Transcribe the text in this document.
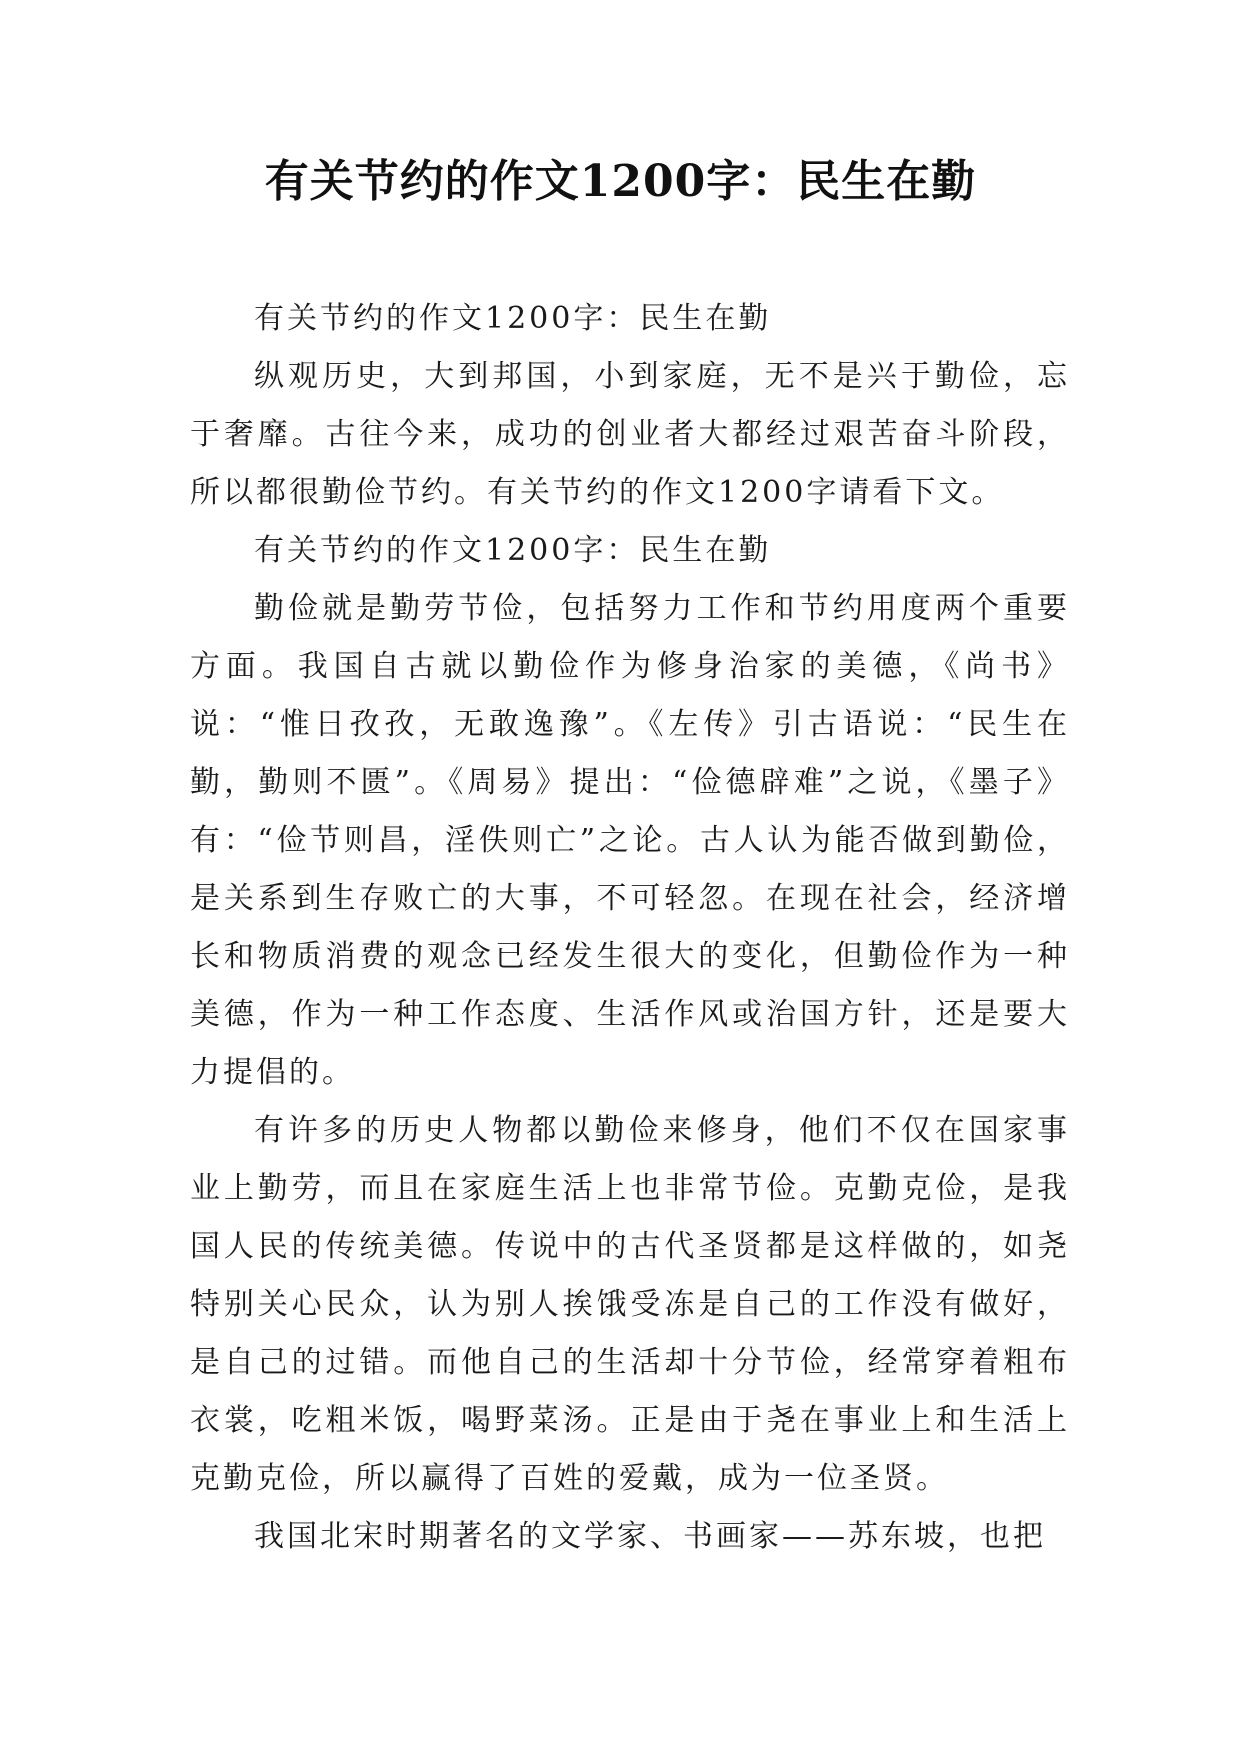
有关节约的作文1200字：民生在勤

有关节约的作文1200字：民生在勤

纵观历史，大到邦国，小到家庭，无不是兴于勤俭，忘于奢靡。古往今来，成功的创业者大都经过艰苦奋斗阶段，所以都很勤俭节约。有关节约的作文1200字请看下文。

有关节约的作文1200字：民生在勤

勤俭就是勤劳节俭，包括努力工作和节约用度两个重要方面。我国自古就以勤俭作为修身治家的美德，《尚书》说：“惟日孜孜，无敢逸豫”。《左传》引古语说：“民生在勤，勤则不匮”。《周易》提出：“俭德辟难”之说，《墨子》有：“俭节则昌，淫佚则亡”之论。古人认为能否做到勤俭，是关系到生存败亡的大事，不可轻忽。在现在社会，经济增长和物质消费的观念已经发生很大的变化，但勤俭作为一种美德，作为一种工作态度、生活作风或治国方针，还是要大力提倡的。

有许多的历史人物都以勤俭来修身，他们不仅在国家事业上勤劳，而且在家庭生活上也非常节俭。克勤克俭，是我国人民的传统美德。传说中的古代圣贤都是这样做的，如尧特别关心民众，认为别人挨饿受冻是自己的工作没有做好，是自己的过错。而他自己的生活却十分节俭，经常穿着粗布衣裳，吃粗米饭，喝野菜汤。正是由于尧在事业上和生活上克勤克俭，所以赢得了百姓的爱戴，成为一位圣贤。

我国北宋时期著名的文学家、书画家——苏东坡，也把
